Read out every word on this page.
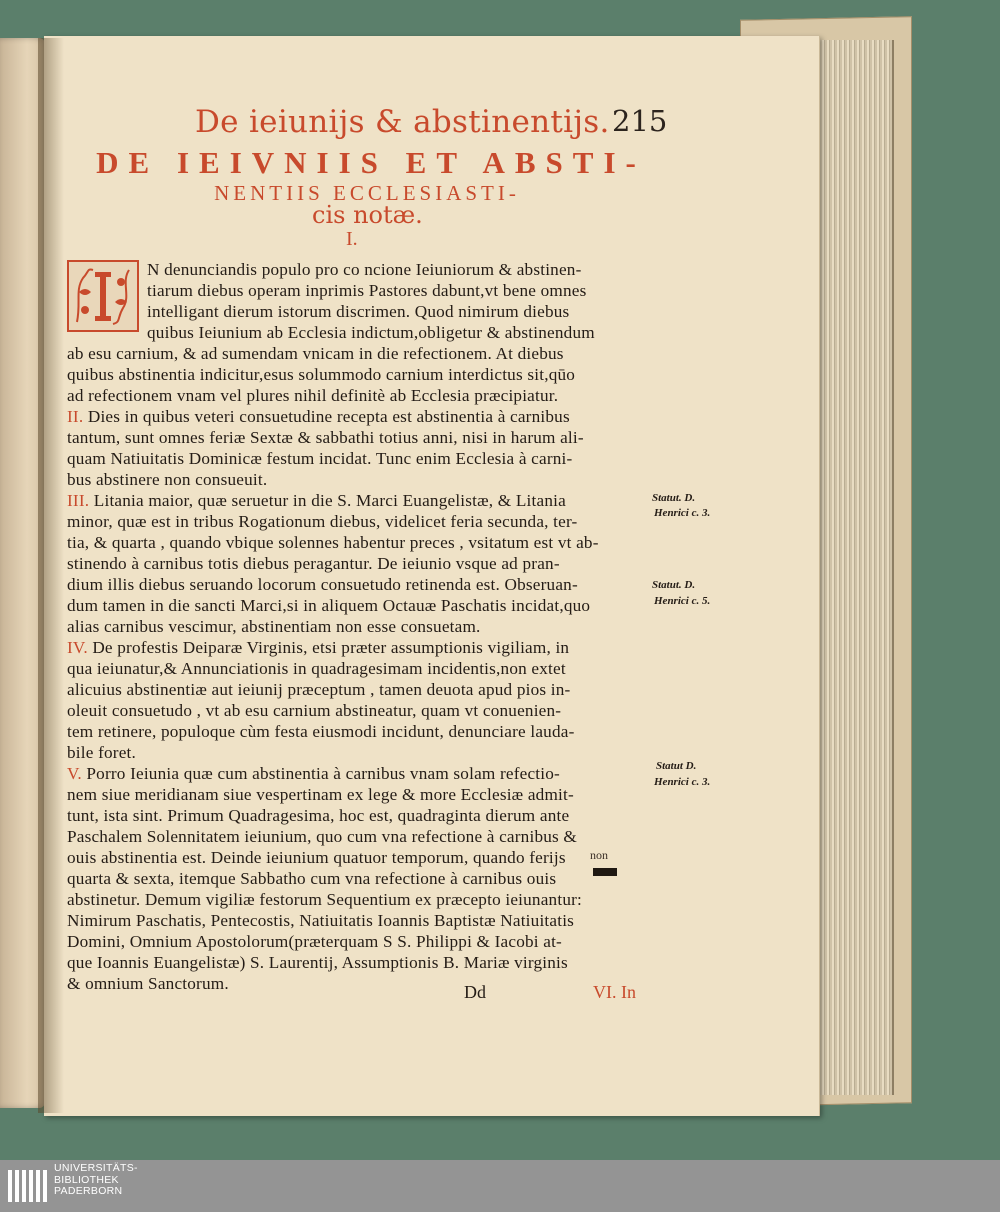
De ieiunijs & abstinentijs. 215
DE IEIVNIIS ET ABSTI-
NENTIIS ECCLESIASTI-
cis notæ.
I.
N denunciandis populo pro co ncione Ieiuniorum & abstinen-
tiarum diebus operam inprimis Pastores dabunt,vt bene omnes
intelligant dierum istorum discrimen. Quod nimirum diebus
quibus Ieiunium ab Ecclesia indictum,obligetur & abstinendum
ab esu carnium, & ad sumendam vnicam in die refectionem. At diebus
quibus abstinentia indicitur,esus solummodo carnium interdictus sit,qūo
ad refectionem vnam vel plures nihil definitè ab Ecclesia præcipiatur.
II. Dies in quibus veteri consuetudine recepta est abstinentia à carnibus
tantum, sunt omnes feriæ Sextæ & sabbathi totius anni, nisi in harum ali-
quam Natiuitatis Dominicæ festum incidat. Tunc enim Ecclesia à carni-
bus abstinere non consueuit.
III. Litania maior, quæ seruetur in die S. Marci Euangelistæ, & Litania
minor, quæ est in tribus Rogationum diebus, videlicet feria secunda, ter-
tia, & quarta , quando vbique solennes habentur preces , vsitatum est vt ab-
stinendo à carnibus totis diebus peragantur. De ieiunio vsque ad pran-
dium illis diebus seruando locorum consuetudo retinenda est. Obseruan-
dum tamen in die sancti Marci,si in aliquem Octauæ Paschatis incidat,quo
alias carnibus vescimur, abstinentiam non esse consuetam.
IV. De profestis Deiparæ Virginis, etsi præter assumptionis vigiliam, in
qua ieiunatur,& Annunciationis in quadragesimam incidentis,non extet
alicuius abstinentiæ aut ieiunij præceptum , tamen deuota apud pios in-
oleuit consuetudo , vt ab esu carnium abstineatur, quam vt conuenien-
tem retinere, populoque cùm festa eiusmodi incidunt, denunciare lauda-
bile foret.
V. Porro Ieiunia quæ cum abstinentia à carnibus vnam solam refectio-
nem siue meridianam siue vespertinam ex lege & more Ecclesiæ admit-
tunt, ista sint. Primum Quadragesima, hoc est, quadraginta dierum ante
Paschalem Solennitatem ieiunium, quo cum vna refectione à carnibus &
ouis abstinentia est. Deinde ieiunium quatuor temporum, quando ferijs
quarta & sexta, itemque Sabbatho cum vna refectione à carnibus ouis
abstinetur. Demum vigiliæ festorum Sequentium ex præcepto ieiunantur:
Nimirum Paschatis, Pentecostis, Natiuitatis Ioannis Baptistæ Natiuitatis
Domini, Omnium Apostolorum(præterquam S S. Philippi & Iacobi at-
que Ioannis Euangelistæ) S. Laurentij, Assumptionis B. Mariæ virginis
& omnium Sanctorum.
non
Statut. D.
Henrici c. 3.
Statut. D.
Henrici c. 5.
Statut D.
Henrici c. 3.
Dd	VI. In
UNIVERSITÄTS-
BIBLIOTHEK
PADERBORN
